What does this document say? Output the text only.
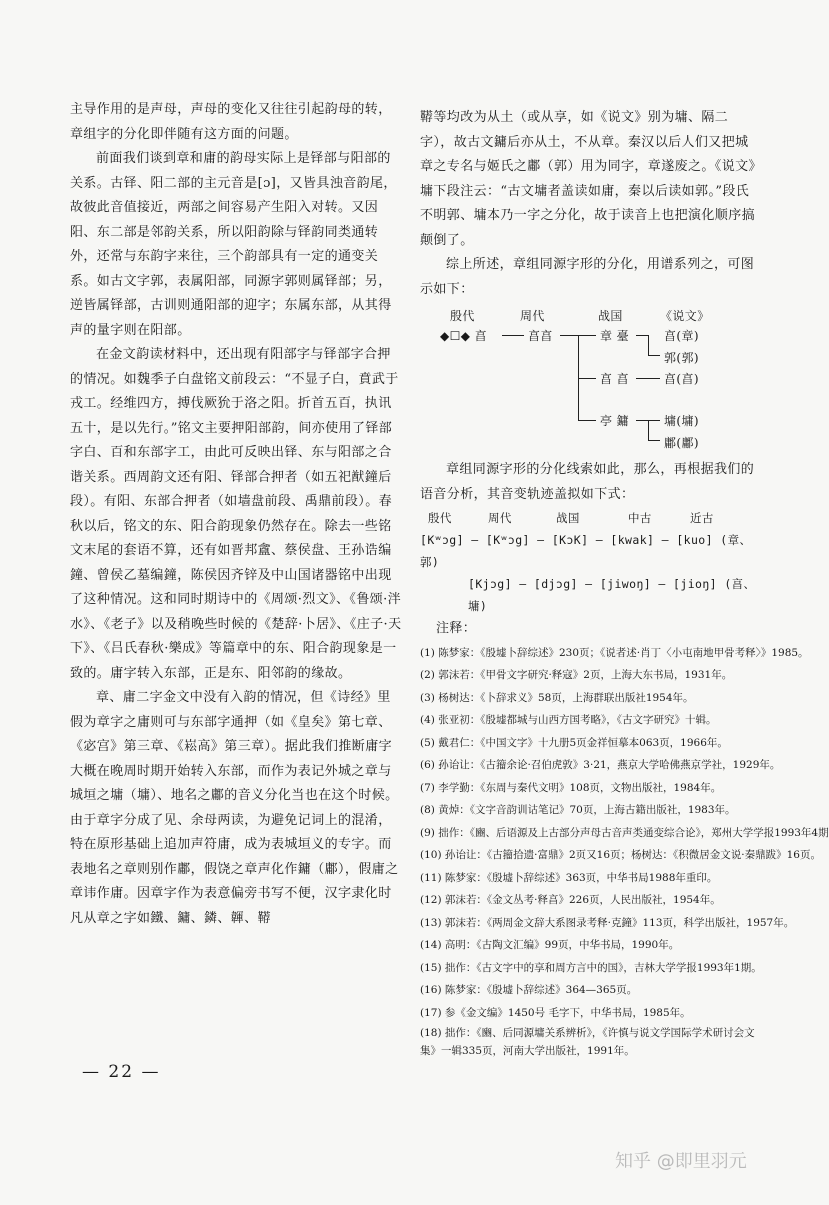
主导作用的是声母，声母的变化又往往引起韵母的转，章组字的分化即伴随有这方面的问题。

前面我们谈到章和庸的韵母实际上是铎部与阳部的关系。古铎、阳二部的主元音是[ɔ]，又皆具浊音韵尾，故彼此音值接近，两部之间容易产生阳入对转。又因阳、东二部是邻韵关系，所以阳韵除与铎韵同类通转外，还常与东韵字来往，三个韵部具有一定的通变关系。如古文字郭，表属阳部，同源字郭则属铎部；另，逆皆属铎部，古训则通阳部的迎字；东属东部，从其得声的量字则在阳部。

在金文韵读材料中，还出现有阳部字与铎部字合押的情况。如魏季子白盘铭文前段云：“不显子白，賁武于戎工。经维四方，搏伐厥狁于洛之阳。折首五百，执讯五十，是以先行。”铭文主要押阳部韵，间亦使用了铎部字白、百和东部字工，由此可反映出铎、东与阳部之合谐关系。西周韵文还有阳、铎部合押者（如五祀猷鐘后段）。有阳、东部合押者（如墙盘前段、禹鼎前段）。春秋以后，铭文的东、阳合韵现象仍然存在。除去一些铭文末尾的套语不算，还有如晋邦盦、蔡侯盘、王孙诰编鐘、曾侯乙墓编鐘，陈侯因齐锌及中山国诸器铭中出现了这种情况。这和同时期诗中的《周颂·烈文》、《鲁颂·泮水》、《老子》以及稍晚些时候的《楚辞·卜居》、《庄子·天下》、《吕氏春秋·樂成》等篇章中的东、阳合韵现象是一致的。庸字转入东部，正是东、阳邻韵的缘故。

章、庸二字金文中没有入韵的情况，但《诗经》里假为章字之庸则可与东部字通押（如《皇矣》第七章、《宓宫》第三章、《崧高》第三章）。据此我们推断庸字大概在晚周时期开始转入东部，而作为表记外城之章与城垣之墉（墉）、地名之鄘的音义分化当也在这个时候。由于章字分成了见、余母两读，为避免记词上的混淆，特在原形基础上追加声符庸，成为表城垣义的专字。而表地名之章则别作鄘，假饶之章声化作鏞（鄘），假庸之章讳作庸。因章字作为表意偏旁书写不便，汉字隶化时凡从章之字如鐵、鏞、鏻、韗、鞯

鞯等均改为从土（或从享，如《说文》别为墉、隔二字），故古文鏞后亦从土，不从章。秦汉以后人们又把城章之专名与姬氏之鄘（郭）用为同字，章遂废之。《说文》墉下段注云：“古文墉者盖读如庸，秦以后读如郭。”段氏不明郭、墉本乃一字之分化，故于读音上也把演化顺序搞颠倒了。

综上所述，章组同源字形的分化，用谱系列之，可图示如下：

殷代	周代	战国	《说文》
◆☐◆ 亯	亯亯	章 臺
亯 亯
亭 鏞
亯(章)
郭(郭)
亯(亯)
墉(墉)
鄘(鄘)

章组同源字形的分化线索如此，那么，再根据我们的语音分析，其音变轨迹盖拟如下式：

殷代	周代	战国	中古	近古
[Kʷɔg] — [Kʷɔg] — [KɔK] — [kwak] — [kuo] (章、郭)
[Kjɔg] — [djɔg] — [jiwoŋ] — [jioŋ] (亯、墉)
注释：
(1) 陈梦家：《殷墟卜辞综述》230页；《说者述·肖丁〈小屯南地甲骨考释〉》1985。
(2) 郭沫若：《甲骨文字研究·释寇》2页，上海大东书局，1931年。
(3) 杨树达：《卜辞求义》58页，上海群联出版社1954年。
(4) 张亚初：《殷墟都城与山西方国考略》，《古文字研究》十辑。
(5) 戴君仁：《中国文字》十九册5页金祥恒摹本063页，1966年。
(6) 孙诒让：《古籀余论·召伯虎敦》3·21，燕京大学哈佛燕京学社，1929年。
(7) 李学勤：《东周与秦代文明》108页，文物出版社，1984年。
(8) 黄焯：《文字音韵训诂笔记》70页，上海古籍出版社，1983年。
(9) 拙作：《豳、后语源及上古部分声母古音声类通变综合论》，郑州大学学报1993年4期
(10) 孙诒让：《古籀拾遗·富鼎》2页又16页；杨树达：《积微居金文说·秦鼎跋》16页。
(11) 陈梦家：《殷墟卜辞综述》363页，中华书局1988年重印。
(12) 郭沫若：《金文丛考·释亯》226页，人民出版社，1954年。
(13) 郭沫若：《两周金文辞大系图录考释·克鐘》113页，科学出版社，1957年。
(14) 高明：《古陶文汇编》99页，中华书局，1990年。
(15) 拙作：《古文字中的享和周方言中的国》，吉林大学学报1993年1期。
(16) 陈梦家：《殷墟卜辞综述》364—365页。
(17) 参《金文编》1450号 毛字下，中华书局，1985年。
(18) 拙作：《豳、后同源墉关系辨析》，《许慎与说文学国际学术研讨会文集》一辑335页，河南大学出版社，1991年。
— 22 —
知乎 @即里羽元
